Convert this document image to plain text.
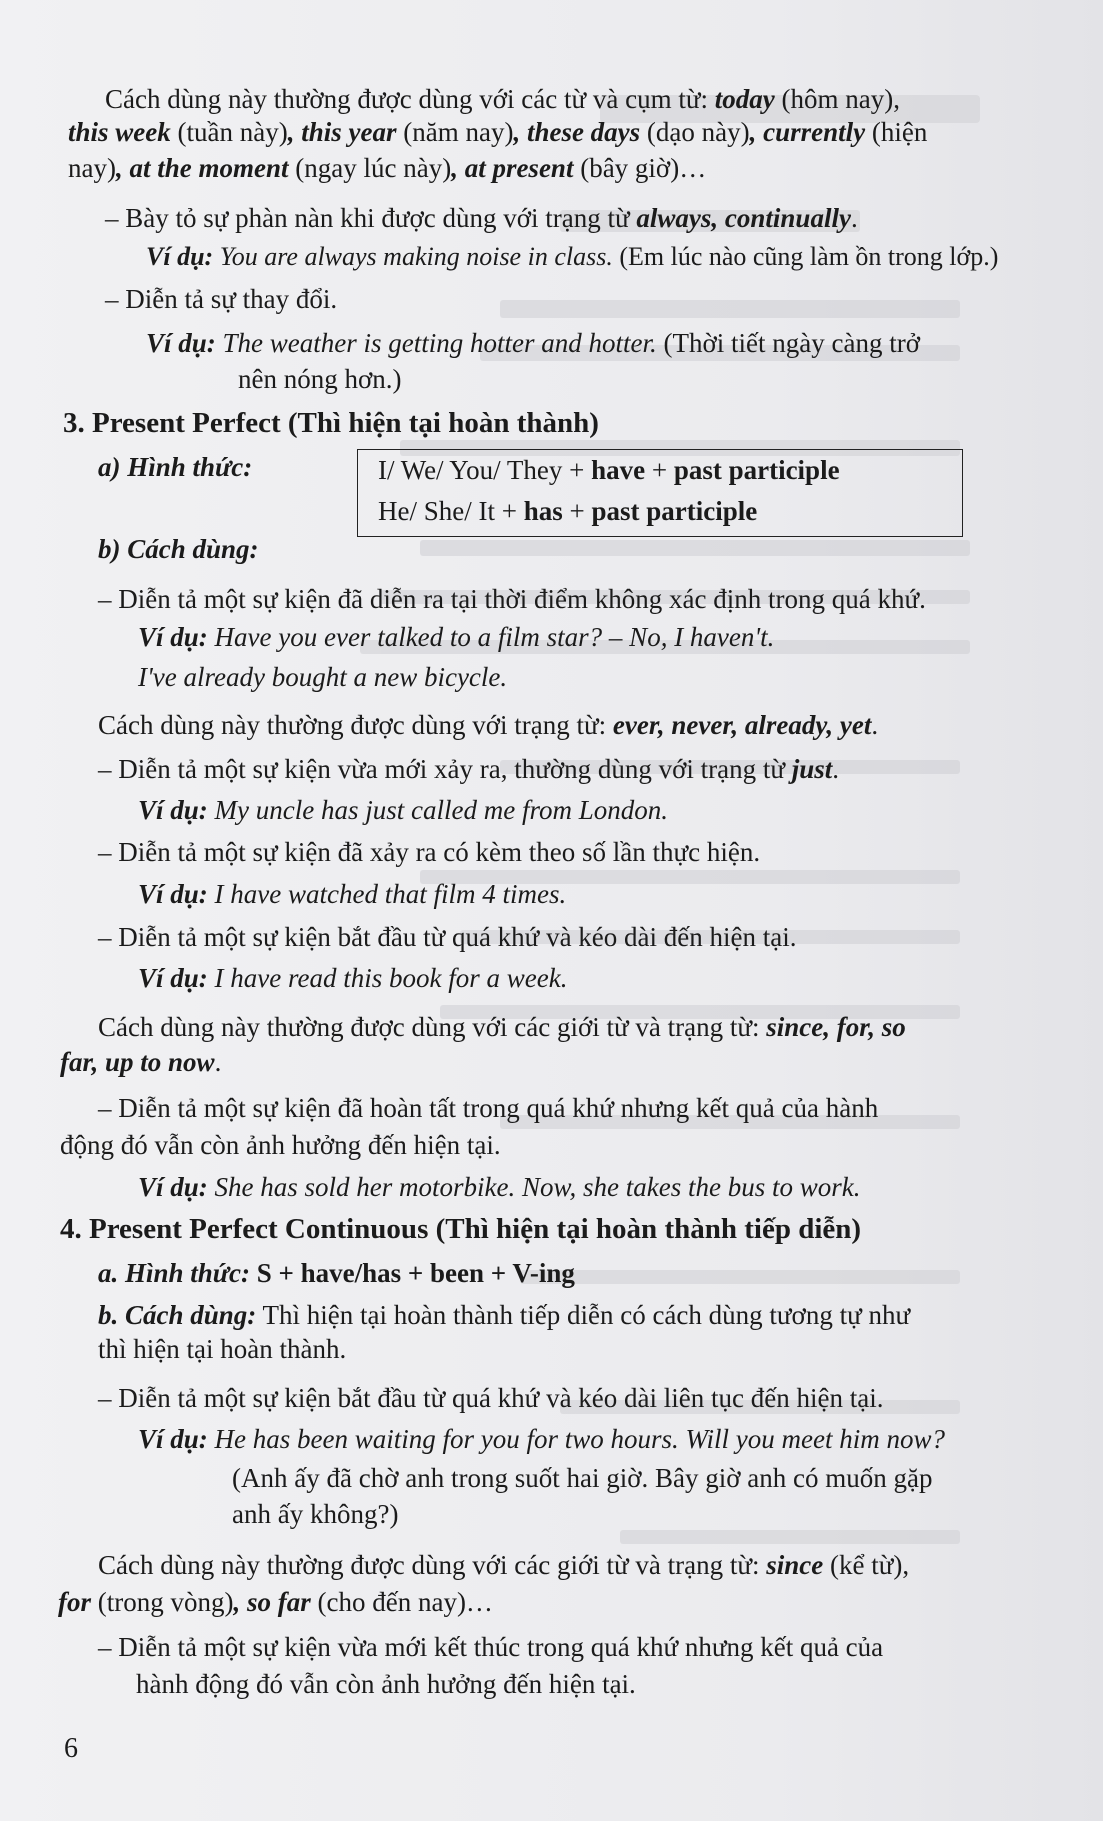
Cách dùng này thường được dùng với các từ và cụm từ: today (hôm nay),
this week (tuần này), this year (năm nay), these days (dạo này), currently (hiện
nay), at the moment (ngay lúc này), at present (bây giờ)…
– Bày tỏ sự phàn nàn khi được dùng với trạng từ always, continually.
Ví dụ: You are always making noise in class. (Em lúc nào cũng làm ồn trong lớp.)
– Diễn tả sự thay đổi.
Ví dụ: The weather is getting hotter and hotter. (Thời tiết ngày càng trở
nên nóng hơn.)
3. Present Perfect (Thì hiện tại hoàn thành)
a) Hình thức:	I/ We/ You/ They + have + past participle
He/ She/ It + has + past participle
b) Cách dùng:
– Diễn tả một sự kiện đã diễn ra tại thời điểm không xác định trong quá khứ.
Ví dụ: Have you ever talked to a film star? – No, I haven't.
I've already bought a new bicycle.
Cách dùng này thường được dùng với trạng từ: ever, never, already, yet.
– Diễn tả một sự kiện vừa mới xảy ra, thường dùng với trạng từ just.
Ví dụ: My uncle has just called me from London.
– Diễn tả một sự kiện đã xảy ra có kèm theo số lần thực hiện.
Ví dụ: I have watched that film 4 times.
– Diễn tả một sự kiện bắt đầu từ quá khứ và kéo dài đến hiện tại.
Ví dụ: I have read this book for a week.
Cách dùng này thường được dùng với các giới từ và trạng từ: since, for, so
far, up to now.
– Diễn tả một sự kiện đã hoàn tất trong quá khứ nhưng kết quả của hành
động đó vẫn còn ảnh hưởng đến hiện tại.
Ví dụ: She has sold her motorbike. Now, she takes the bus to work.
4. Present Perfect Continuous (Thì hiện tại hoàn thành tiếp diễn)
a. Hình thức: S + have/has + been + V-ing
b. Cách dùng: Thì hiện tại hoàn thành tiếp diễn có cách dùng tương tự như
thì hiện tại hoàn thành.
– Diễn tả một sự kiện bắt đầu từ quá khứ và kéo dài liên tục đến hiện tại.
Ví dụ: He has been waiting for you for two hours. Will you meet him now?
(Anh ấy đã chờ anh trong suốt hai giờ. Bây giờ anh có muốn gặp
anh ấy không?)
Cách dùng này thường được dùng với các giới từ và trạng từ: since (kể từ),
for (trong vòng), so far (cho đến nay)…
– Diễn tả một sự kiện vừa mới kết thúc trong quá khứ nhưng kết quả của
hành động đó vẫn còn ảnh hưởng đến hiện tại.
6
